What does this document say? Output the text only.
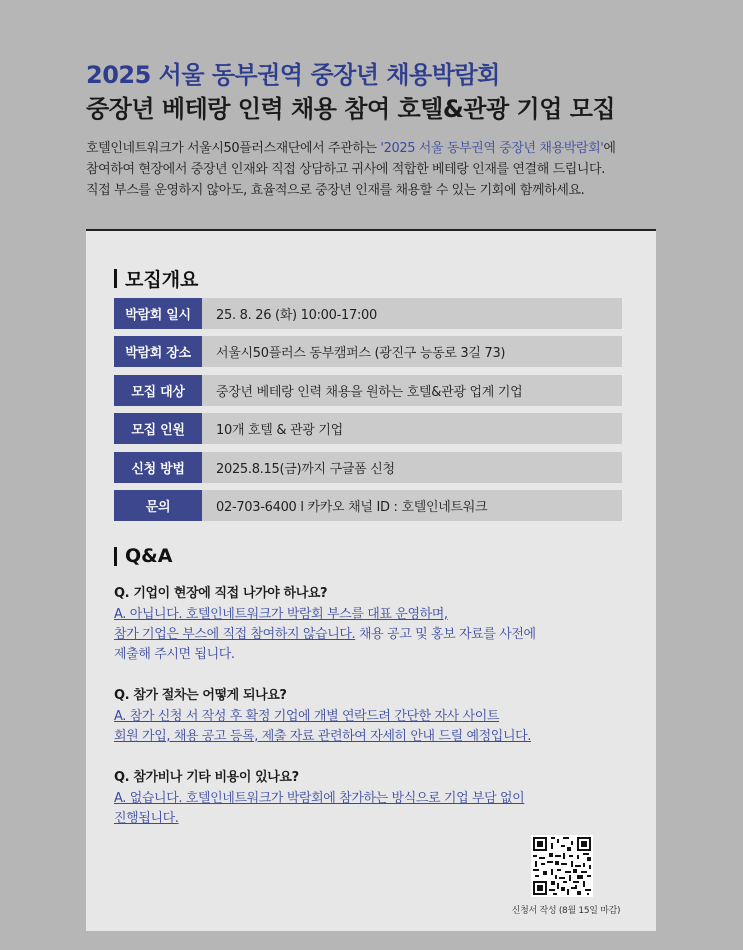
2025 서울 동부권역 중장년 채용박람회
중장년 베테랑 인력 채용 참여 호텔&관광 기업 모집
호텔인네트워크가 서울시50플러스재단에서 주관하는 '2025 서울 동부권역 중장년 채용박람회'에
참여하여 현장에서 중장년 인재와 직접 상담하고 귀사에 적합한 베테랑 인재를 연결해 드립니다.
직접 부스를 운영하지 않아도, 효율적으로 중장년 인재를 채용할 수 있는 기회에 함께하세요.
모집개요
박람회 일시	25. 8. 26 (화) 10:00-17:00
박람회 장소	서울시50플러스 동부캠퍼스 (광진구 능동로 3길 73)
모집 대상	중장년 베테랑 인력 채용을 원하는 호텔&관광 업계 기업
모집 인원	10개 호텔 & 관광 기업
신청 방법	2025.8.15(금)까지 구글폼 신청
문의	02-703-6400 l 카카오 채널 ID : 호텔인네트워크
Q&A
Q. 기업이 현장에 직접 나가야 하나요?
A. 아닙니다. 호텔인네트워크가 박람회 부스를 대표 운영하며,
참가 기업은 부스에 직접 참여하지 않습니다. 채용 공고 및 홍보 자료를 사전에
제출해 주시면 됩니다.
Q. 참가 절차는 어떻게 되나요?
A. 참가 신청 서 작성 후 확정 기업에 개별 연락드려 간단한 자사 사이트
회원 가입, 채용 공고 등록, 제출 자료 관련하여 자세히 안내 드릴 예정입니다.
Q. 참가비나 기타 비용이 있나요?
A. 없습니다. 호텔인네트워크가 박람회에 참가하는 방식으로 기업 부담 없이
진행됩니다.
신청서 작성 (8월 15일 마감)
